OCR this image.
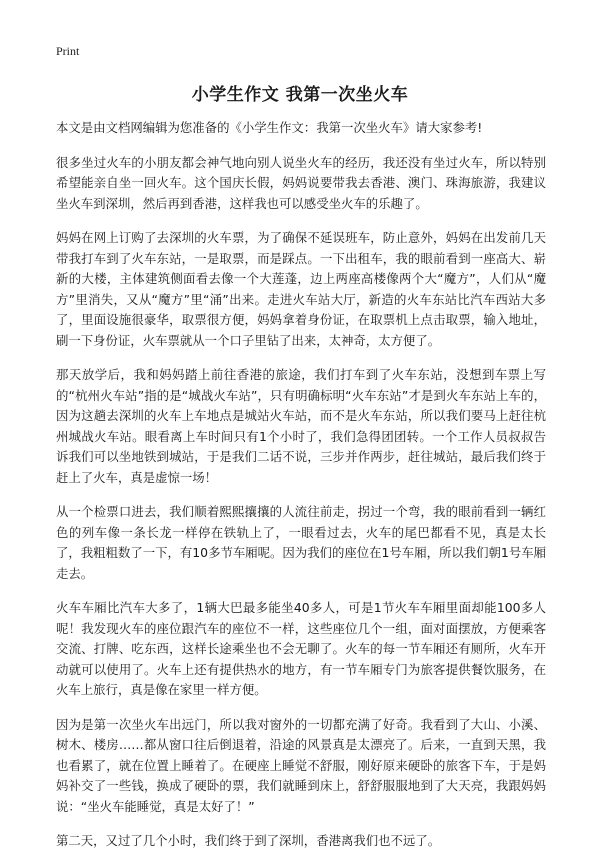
Print
小学生作文 我第一次坐火车

本文是由文档网编辑为您准备的《小学生作文：我第一次坐火车》请大家参考!

很多坐过火车的小朋友都会神气地向别人说坐火车的经历，我还没有坐过火车，所以特别希望能亲自坐一回火车。这个国庆长假，妈妈说要带我去香港、澳门、珠海旅游，我建议坐火车到深圳，然后再到香港，这样我也可以感受坐火车的乐趣了。

妈妈在网上订购了去深圳的火车票，为了确保不延误班车，防止意外，妈妈在出发前几天带我打车到了火车东站，一是取票，而是踩点。一下出租车，我的眼前看到一座高大、崭新的大楼，主体建筑侧面看去像一个大莲蓬，边上两座高楼像两个大“魔方”，人们从“魔方”里消失，又从“魔方”里“涌”出来。走进火车站大厅，新造的火车东站比汽车西站大多了，里面设施很豪华，取票很方便，妈妈拿着身份证，在取票机上点击取票，输入地址，刷一下身份证，火车票就从一个口子里钻了出来，太神奇，太方便了。

那天放学后，我和妈妈踏上前往香港的旅途，我们打车到了火车东站，没想到车票上写的“杭州火车站”指的是“城战火车站”，只有明确标明“火车东站”才是到火车东站上车的，因为这趟去深圳的火车上车地点是城站火车站，而不是火车东站，所以我们要马上赶往杭州城战火车站。眼看离上车时间只有1个小时了，我们急得团团转。一个工作人员叔叔告诉我们可以坐地铁到城站，于是我们二话不说，三步并作两步，赶往城站，最后我们终于赶上了火车，真是虚惊一场！

从一个检票口进去，我们顺着熙熙攘攘的人流往前走，拐过一个弯，我的眼前看到一辆红色的列车像一条长龙一样停在铁轨上了，一眼看过去，火车的尾巴都看不见，真是太长了，我粗粗数了一下，有10多节车厢呢。因为我们的座位在1号车厢，所以我们朝1号车厢走去。

火车车厢比汽车大多了，1辆大巴最多能坐40多人，可是1节火车车厢里面却能100多人呢！我发现火车的座位跟汽车的座位不一样，这些座位几个一组，面对面摆放，方便乘客交流、打牌、吃东西，这样长途乘坐也不会无聊了。火车的每一节车厢还有厕所，火车开动就可以使用了。火车上还有提供热水的地方，有一节车厢专门为旅客提供餐饮服务，在火车上旅行，真是像在家里一样方便。

因为是第一次坐火车出远门，所以我对窗外的一切都充满了好奇。我看到了大山、小溪、树木、楼房……都从窗口往后倒退着，沿途的风景真是太漂亮了。后来，一直到天黑，我也看累了，就在位置上睡着了。在硬座上睡觉不舒服，刚好原来硬卧的旅客下车，于是妈妈补交了一些钱，换成了硬卧的票，我们就睡到床上，舒舒服服地到了大天亮，我跟妈妈说：“坐火车能睡觉，真是太好了！”

第二天，又过了几个小时，我们终于到了深圳，香港离我们也不远了。
